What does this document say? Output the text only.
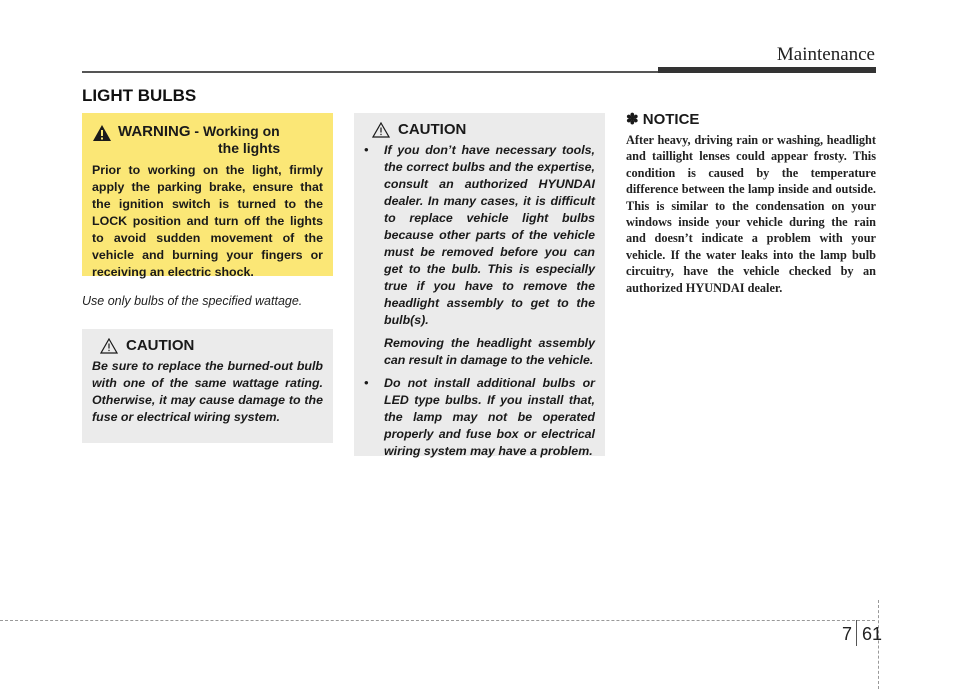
Maintenance
LIGHT BULBS
WARNING - Working on
the lights
Prior to working on the light, firmly apply the parking brake, ensure that the ignition switch is turned to the LOCK position and turn off the lights to avoid sudden movement of the vehicle and burning your fingers or receiving an electric shock.
Use only bulbs of the specified wattage.
CAUTION
Be sure to replace the burned-out bulb with one of the same wattage rating. Otherwise, it may cause damage to the fuse or electrical wiring system.
CAUTION
• If you don’t have necessary tools, the correct bulbs and the expertise, consult an authorized HYUNDAI dealer. In many cases, it is difficult to replace vehicle light bulbs because other parts of the vehicle must be removed before you can get to the bulb. This is especially true if you have to remove the headlight assembly to get to the bulb(s).
Removing the headlight assembly can result in damage to the vehicle.
• Do not install additional bulbs or LED type bulbs. If you install that, the lamp may not be operated properly and fuse box or electrical wiring system may have a problem.
✽ NOTICE
After heavy, driving rain or washing, headlight and taillight lenses could appear frosty. This condition is caused by the temperature difference between the lamp inside and outside. This is similar to the condensation on your windows inside your vehicle during the rain and doesn’t indicate a problem with your vehicle. If the water leaks into the lamp bulb circuitry, have the vehicle checked by an authorized HYUNDAI dealer.
7 61
